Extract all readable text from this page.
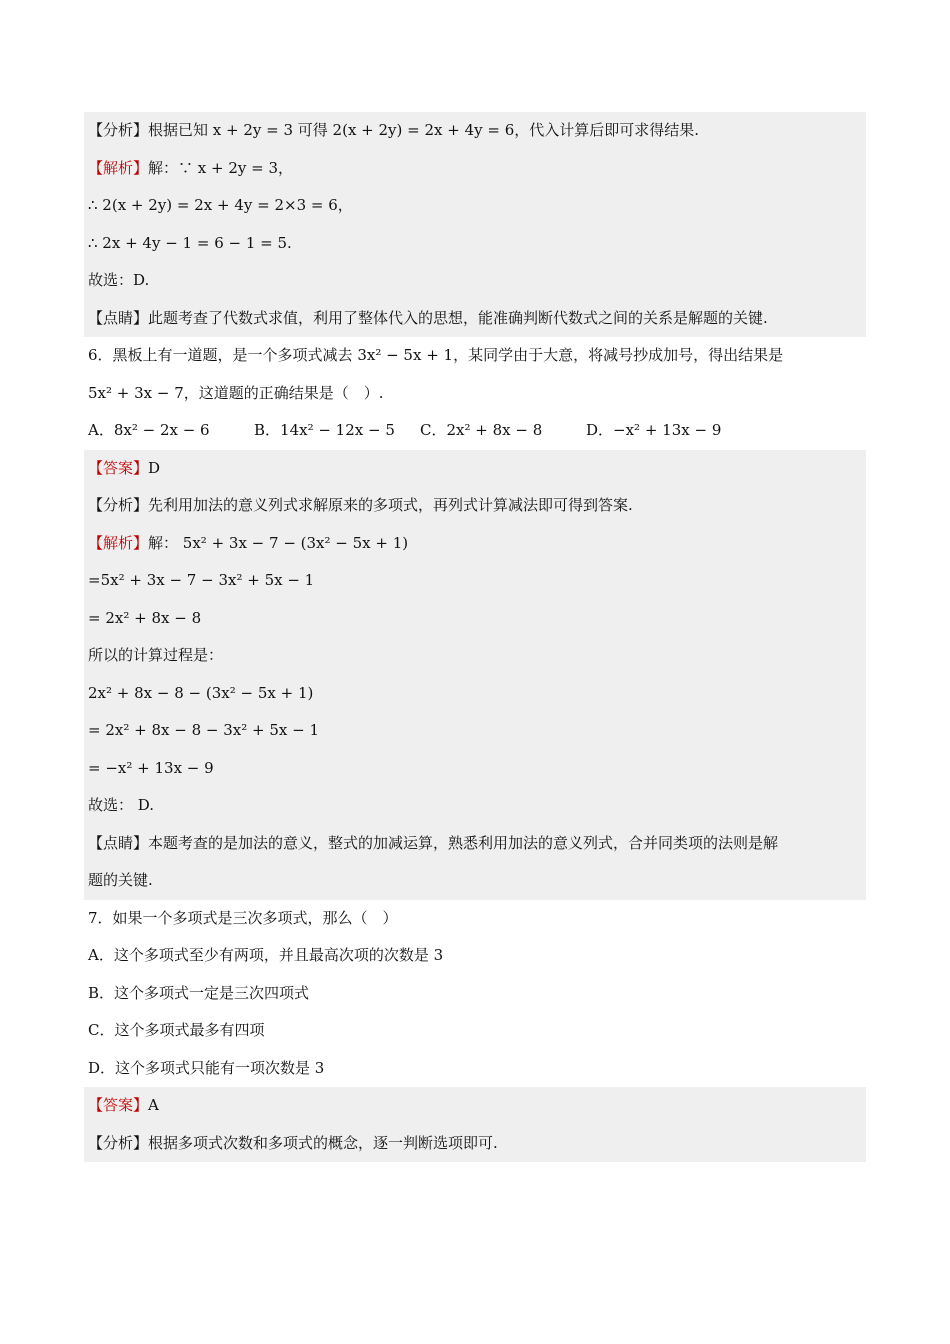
【分析】根据已知 x + 2y = 3 可得 2(x + 2y) = 2x + 4y = 6，代入计算后即可求得结果.
【解析】解：∵ x + 2y = 3，
∴ 2(x + 2y) = 2x + 4y = 2×3 = 6，
∴ 2x + 4y − 1 = 6 − 1 = 5.
故选：D.
【点睛】此题考查了代数式求值，利用了整体代入的思想，能准确判断代数式之间的关系是解题的关键.
6．黑板上有一道题，是一个多项式减去 3x² − 5x + 1，某同学由于大意，将减号抄成加号，得出结果是
5x² + 3x − 7，这道题的正确结果是（　）.
A．8x² − 2x − 6	B．14x² − 12x − 5 C．2x² + 8x − 8	D．−x² + 13x − 9
【答案】D
【分析】先利用加法的意义列式求解原来的多项式，再列式计算减法即可得到答案.
【解析】解： 5x² + 3x − 7 − (3x² − 5x + 1)
=5x² + 3x − 7 − 3x² + 5x − 1
= 2x² + 8x − 8
所以的计算过程是：
2x² + 8x − 8 − (3x² − 5x + 1)
= 2x² + 8x − 8 − 3x² + 5x − 1
= −x² + 13x − 9
故选： D.
【点睛】本题考查的是加法的意义，整式的加减运算，熟悉利用加法的意义列式，合并同类项的法则是解
题的关键.
7．如果一个多项式是三次多项式，那么（　）
A．这个多项式至少有两项，并且最高次项的次数是 3
B．这个多项式一定是三次四项式
C．这个多项式最多有四项
D．这个多项式只能有一项次数是 3
【答案】A
【分析】根据多项式次数和多项式的概念，逐一判断选项即可.
